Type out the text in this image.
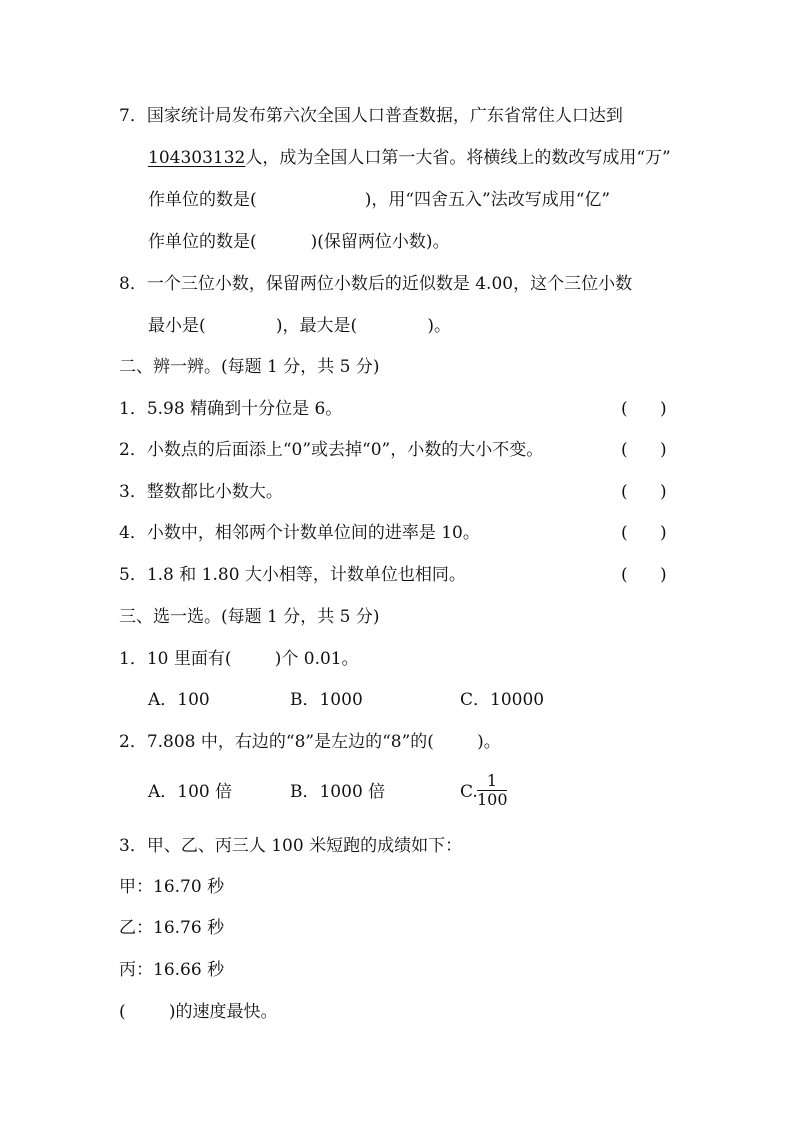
7．国家统计局发布第六次全国人口普查数据，广东省常住人口达到
104303132人，成为全国人口第一大省。将横线上的数改写成用“万”
作单位的数是(                    )，用“四舍五入”法改写成用“亿”
作单位的数是(          )(保留两位小数)。
8．一个三位小数，保留两位小数后的近似数是 4.00，这个三位小数
最小是(             )，最大是(             )。
二、辨一辨。(每题 1 分，共 5 分)
1．5.98 精确到十分位是 6。	(      )
2．小数点的后面添上“0”或去掉“0”，小数的大小不变。	(      )
3．整数都比小数大。	(      )
4．小数中，相邻两个计数单位间的进率是 10。	(      )
5．1.8 和 1.80 大小相等，计数单位也相同。	(      )
三、选一选。(每题 1 分，共 5 分)
1．10 里面有(        )个 0.01。
A．100	B．1000	C．10000
2．7.808 中，右边的“8”是左边的“8”的(        )。
A．100 倍	B．1000 倍	C. $\frac{1}{100}$
3．甲、乙、丙三人 100 米短跑的成绩如下：
甲：16.70 秒
乙：16.76 秒
丙：16.66 秒
(        )的速度最快。
